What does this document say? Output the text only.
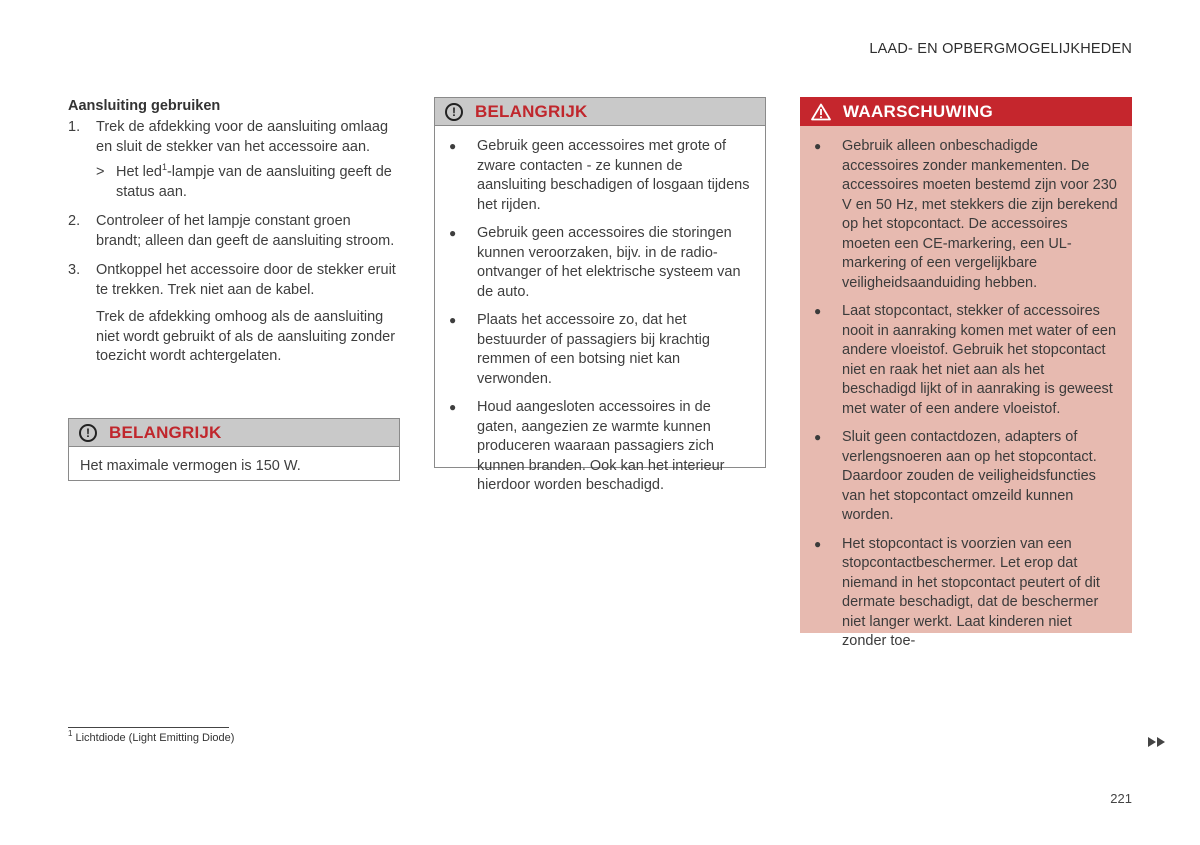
LAAD- EN OPBERGMOGELIJKHEDEN
Aansluiting gebruiken
1.	Trek de afdekking voor de aansluiting omlaag en sluit de stekker van het accessoire aan.
> Het led$^1$-lampje van de aansluiting geeft de status aan.
2.	Controleer of het lampje constant groen brandt; alleen dan geeft de aansluiting stroom.
3.	Ontkoppel het accessoire door de stekker eruit te trekken. Trek niet aan de kabel.
Trek de afdekking omhoog als de aansluiting niet wordt gebruikt of als de aansluiting zonder toezicht wordt achtergelaten.
!	BELANGRIJK
Het maximale vermogen is 150 W.
!	BELANGRIJK
●	Gebruik geen accessoires met grote of zware contacten - ze kunnen de aansluiting beschadigen of losgaan tijdens het rijden.
●	Gebruik geen accessoires die storingen kunnen veroorzaken, bijv. in de radio-ontvanger of het elektrische systeem van de auto.
●	Plaats het accessoire zo, dat het bestuurder of passagiers bij krachtig remmen of een botsing niet kan verwonden.
●	Houd aangesloten accessoires in de gaten, aangezien ze warmte kunnen produceren waaraan passagiers zich kunnen branden. Ook kan het interieur hierdoor worden beschadigd.
WAARSCHUWING
●	Gebruik alleen onbeschadigde accessoires zonder mankementen. De accessoires moeten bestemd zijn voor 230 V en 50 Hz, met stekkers die zijn berekend op het stopcontact. De accessoires moeten een CE-markering, een UL-markering of een vergelijkbare veiligheidsaanduiding hebben.
●	Laat stopcontact, stekker of accessoires nooit in aanraking komen met water of een andere vloeistof. Gebruik het stopcontact niet en raak het niet aan als het beschadigd lijkt of in aanraking is geweest met water of een andere vloeistof.
●	Sluit geen contactdozen, adapters of verlengsnoeren aan op het stopcontact. Daardoor zouden de veiligheidsfuncties van het stopcontact omzeild kunnen worden.
●	Het stopcontact is voorzien van een stopcontactbeschermer. Let erop dat niemand in het stopcontact peutert of dit dermate beschadigt, dat de beschermer niet langer werkt. Laat kinderen niet zonder toe-
$^1$ Lichtdiode (Light Emitting Diode)
221
